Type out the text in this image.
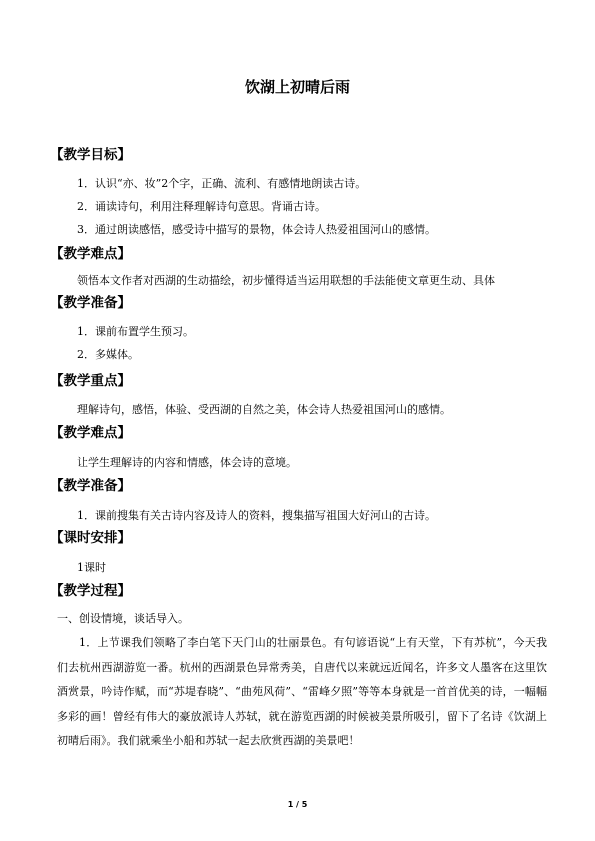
饮湖上初晴后雨
【教学目标】
1．认识“亦、妆”2个字，正确、流利、有感情地朗读古诗。
2．诵读诗句，利用注释理解诗句意思。背诵古诗。
3．通过朗读感悟，感受诗中描写的景物，体会诗人热爱祖国河山的感情。
【教学难点】
领悟本文作者对西湖的生动描绘，初步懂得适当运用联想的手法能使文章更生动、具体
【教学准备】
1．课前布置学生预习。
2．多媒体。
【教学重点】
理解诗句，感悟，体验、受西湖的自然之美，体会诗人热爱祖国河山的感情。
【教学难点】
让学生理解诗的内容和情感，体会诗的意境。
【教学准备】
1．课前搜集有关古诗内容及诗人的资料，搜集描写祖国大好河山的古诗。
【课时安排】
1课时
【教学过程】
一、创设情境，谈话导入。
1．上节课我们领略了李白笔下天门山的壮丽景色。有句谚语说“上有天堂，下有苏杭”，今天我们去杭州西湖游览一番。杭州的西湖景色异常秀美，自唐代以来就远近闻名，许多文人墨客在这里饮酒赏景，吟诗作赋，而“苏堤春晓”、“曲苑风荷”、“雷峰夕照”等等本身就是一首首优美的诗，一幅幅多彩的画！曾经有伟大的豪放派诗人苏轼，就在游览西湖的时候被美景所吸引，留下了名诗《饮湖上初晴后雨》。我们就乘坐小船和苏轼一起去欣赏西湖的美景吧！
1 / 5
